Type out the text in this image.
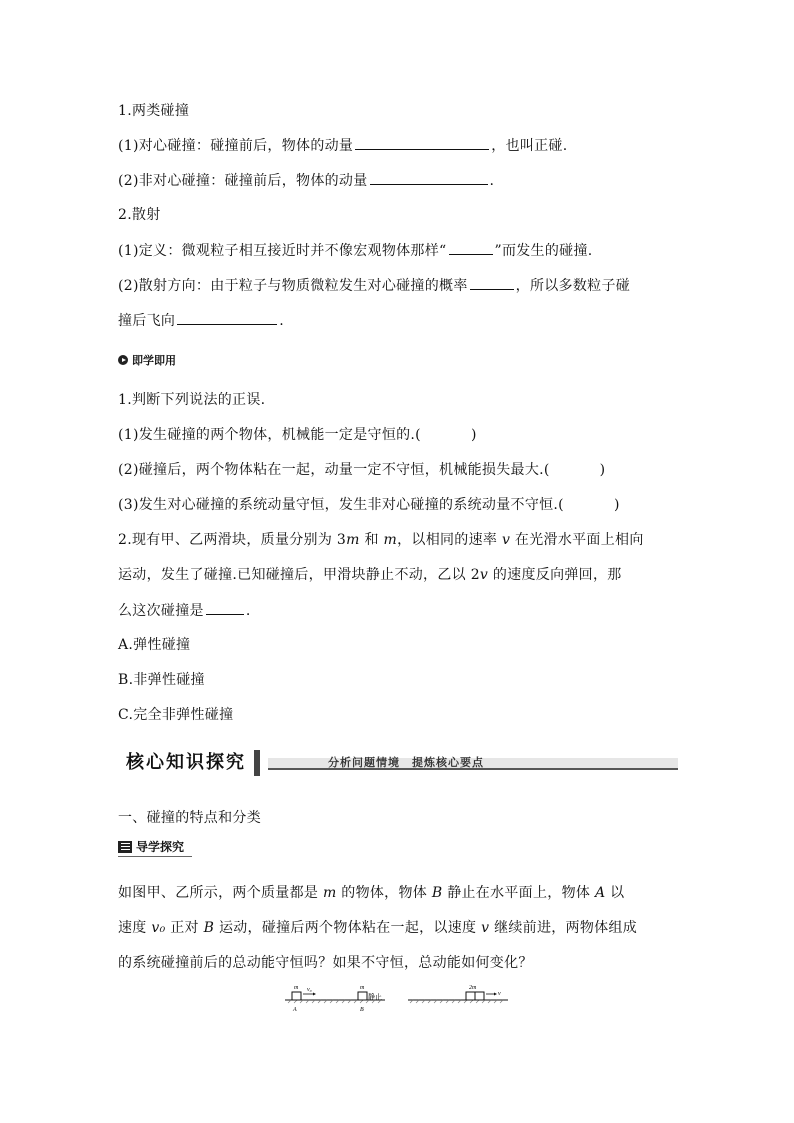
1.两类碰撞
(1)对心碰撞：碰撞前后，物体的动量	，也叫正碰.
(2)非对心碰撞：碰撞前后，物体的动量	.
2.散射
(1)定义：微观粒子相互接近时并不像宏观物体那样“	”而发生的碰撞.
(2)散射方向：由于粒子与物质微粒发生对心碰撞的概率	，所以多数粒子碰
撞后飞向	.
即学即用
1.判断下列说法的正误.
(1)发生碰撞的两个物体，机械能一定是守恒的.(	)
(2)碰撞后，两个物体粘在一起，动量一定不守恒，机械能损失最大.(	)
(3)发生对心碰撞的系统动量守恒，发生非对心碰撞的系统动量不守恒.(	)
2.现有甲、乙两滑块，质量分别为 3m 和 m，以相同的速率 v 在光滑水平面上相向
运动，发生了碰撞.已知碰撞后，甲滑块静止不动，乙以 2v 的速度反向弹回，那
么这次碰撞是	.
A.弹性碰撞
B.非弹性碰撞
C.完全非弹性碰撞
核心知识探究	分析问题情境　提炼核心要点
一、碰撞的特点和分类
导学探究
如图甲、乙所示，两个质量都是 m 的物体，物体 B 静止在水平面上，物体 A 以
速度 v₀ 正对 B 运动，碰撞后两个物体粘在一起，以速度 v 继续前进，两物体组成
的系统碰撞前后的总动能守恒吗？如果不守恒，总动能如何变化？
m v₀
A
m
静止
B
2m
v
